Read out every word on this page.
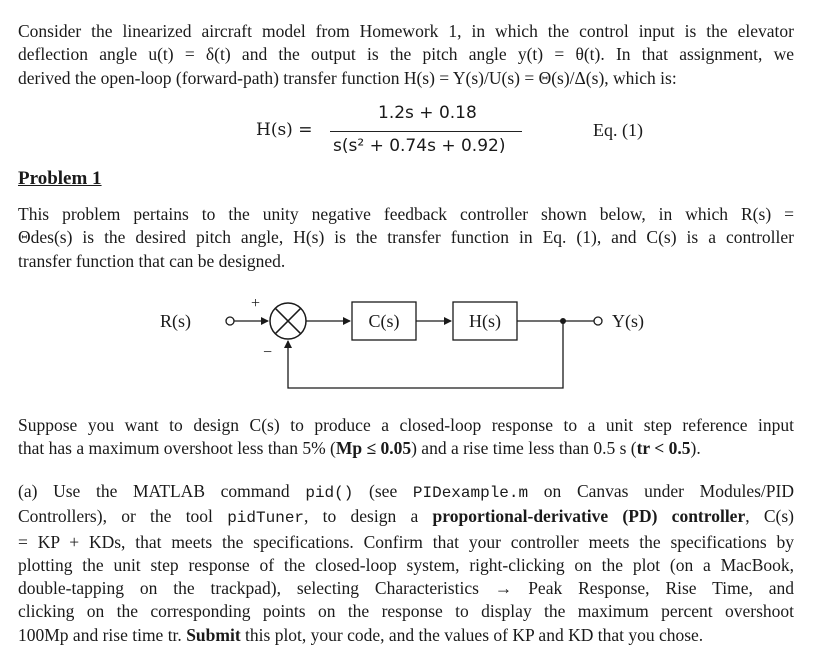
Consider the linearized aircraft model from Homework 1, in which the control input is the elevator
deflection angle u(t) = δ(t) and the output is the pitch angle y(t) = θ(t). In that assignment, we
derived the open-loop (forward-path) transfer function H(s) = Y(s)/U(s) = Θ(s)/Δ(s), which is:
H(s) =
1.2s + 0.18
s(s² + 0.74s + 0.92)
Eq. (1)
Problem 1
This problem pertains to the unity negative feedback controller shown below, in which R(s) =
Θdes(s) is the desired pitch angle, H(s) is the transfer function in Eq. (1), and C(s) is a controller
transfer function that can be designed.
R(s)
+
−
C(s)	H(s)	Y(s)
Suppose you want to design C(s) to produce a closed-loop response to a unit step reference input
that has a maximum overshoot less than 5% (Mp ≤ 0.05) and a rise time less than 0.5 s (tr < 0.5).
(a) Use the MATLAB command pid() (see PIDexample.m on Canvas under Modules/PID
Controllers), or the tool pidTuner, to design a proportional-derivative (PD) controller, C(s)
= KP + KDs, that meets the specifications. Confirm that your controller meets the specifications by
plotting the unit step response of the closed-loop system, right-clicking on the plot (on a MacBook,
double-tapping on the trackpad), selecting Characteristics → Peak Response, Rise Time, and
clicking on the corresponding points on the response to display the maximum percent overshoot
100Mp and rise time tr. Submit this plot, your code, and the values of KP and KD that you chose.
